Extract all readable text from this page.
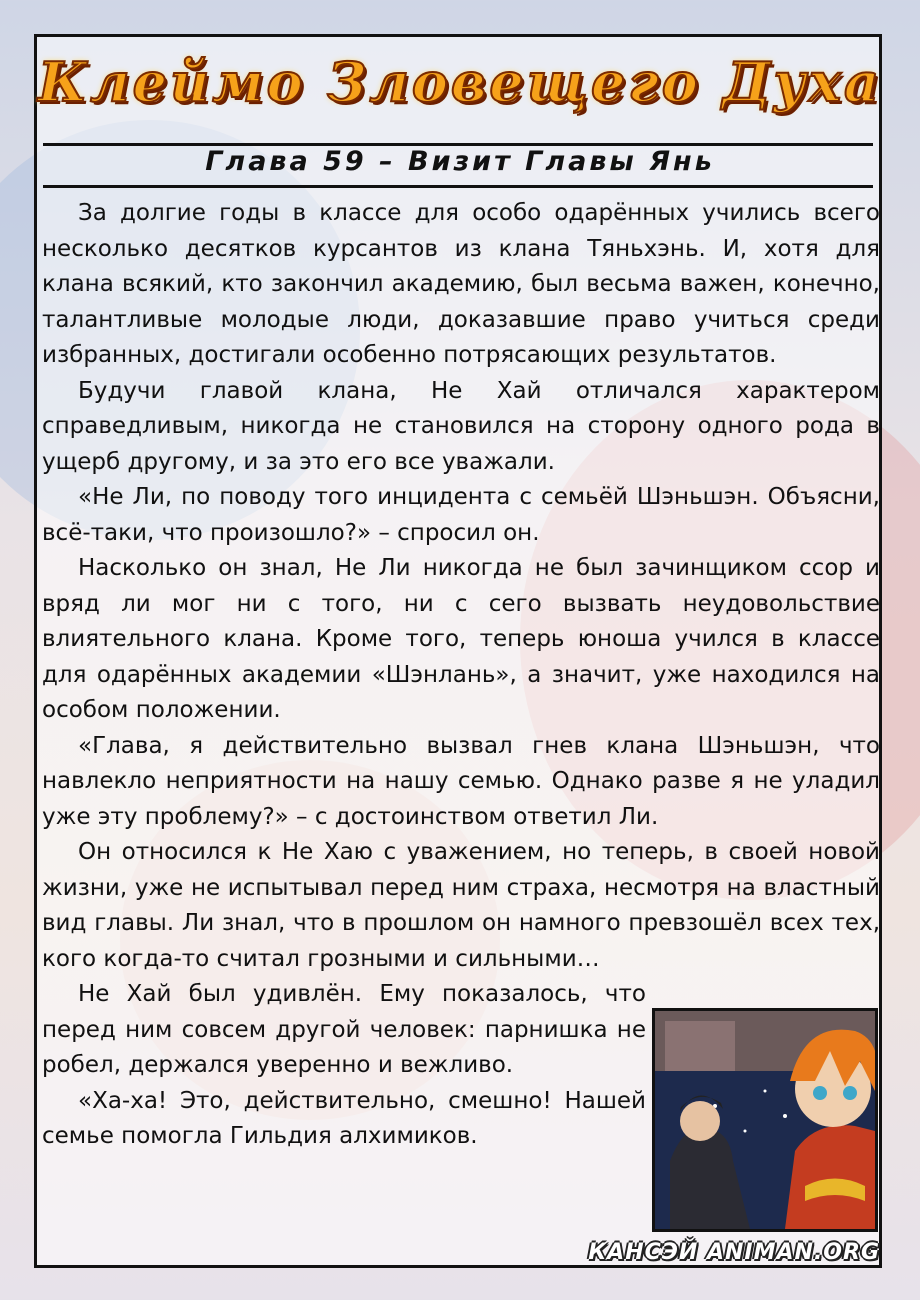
Клеймо Зловещего Духа
Глава 59 – Визит Главы Янь

За долгие годы в классе для особо одарённых учились всего несколько десятков курсантов из клана Тяньхэнь. И, хотя для клана всякий, кто закончил академию, был весьма важен, конечно, талантливые молодые люди, доказавшие право учиться среди избранных, достигали особенно потрясающих результатов.

Будучи главой клана, Не Хай отличался характером справедливым, никогда не становился на сторону одного рода в ущерб другому, и за это его все уважали.

«Не Ли, по поводу того инцидента с семьёй Шэньшэн. Объясни, всё-таки, что произошло?» – спросил он.

Насколько он знал, Не Ли никогда не был зачинщиком ссор и вряд ли мог ни с того, ни с сего вызвать неудовольствие влиятельного клана. Кроме того, теперь юноша учился в классе для одарённых академии «Шэнлань», а значит, уже находился на особом положении.

«Глава, я действительно вызвал гнев клана Шэньшэн, что навлекло неприятности на нашу семью. Однако разве я не уладил уже эту проблему?» – с достоинством ответил Ли.

Он относился к Не Хаю с уважением, но теперь, в своей новой жизни, уже не испытывал перед ним страха, несмотря на властный вид главы. Ли знал, что в прошлом он намного превзошёл всех тех, кого когда-то считал грозными и сильными…

Не Хай был удивлён. Ему показалось, что перед ним совсем другой человек: парнишка не робел, держался уверенно и вежливо.

«Ха-ха! Это, действительно, смешно! Нашей семье помогла Гильдия алхимиков.

КАНСЭЙ ANIMAN.ORG
